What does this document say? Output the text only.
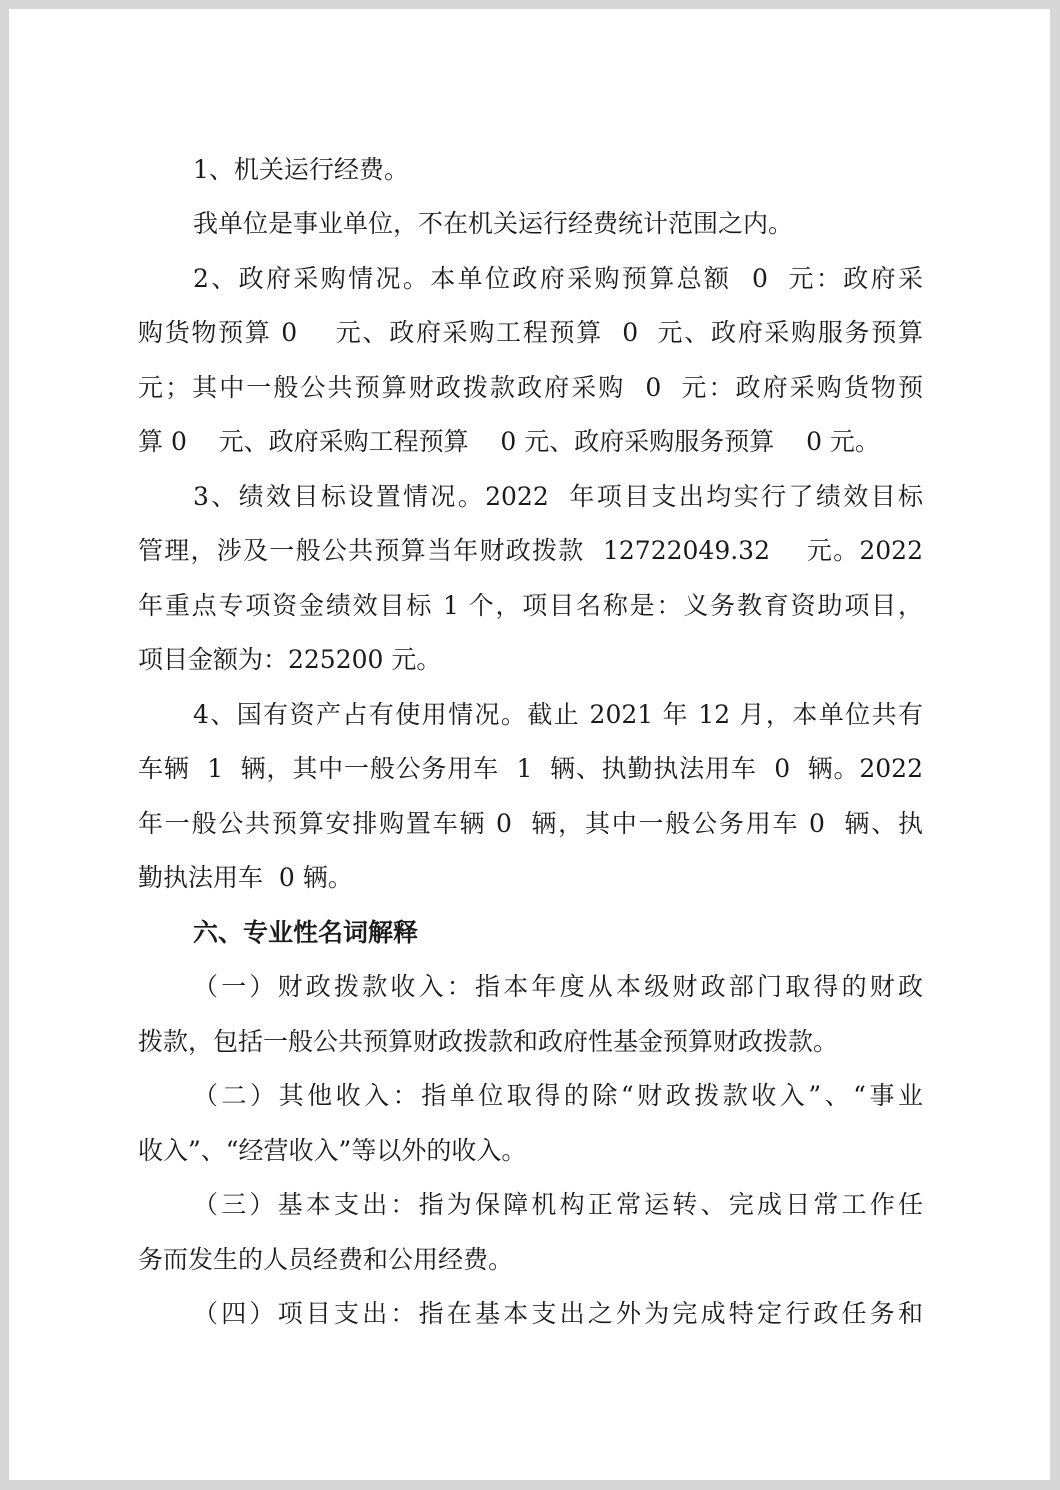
1、机关运行经费。
我单位是事业单位，不在机关运行经费统计范围之内。
2、政府采购情况。本单位政府采购预算总额  0  元：政府采
购货物预算 0    元、政府采购工程预算  0  元、政府采购服务预算
元；其中一般公共预算财政拨款政府采购  0  元：政府采购货物预
算 0    元、政府采购工程预算    0 元、政府采购服务预算    0 元。
3、绩效目标设置情况。2022  年项目支出均实行了绩效目标
管理，涉及一般公共预算当年财政拨款  12722049.32    元。2022
年重点专项资金绩效目标 1 个，项目名称是：义务教育资助项目，
项目金额为：225200 元。
4、国有资产占有使用情况。截止 2021 年 12 月，本单位共有
车辆  1  辆，其中一般公务用车  1  辆、执勤执法用车  0  辆。2022
年一般公共预算安排购置车辆 0  辆，其中一般公务用车 0  辆、执
勤执法用车  0 辆。
六、专业性名词解释
（一）财政拨款收入：指本年度从本级财政部门取得的财政
拨款，包括一般公共预算财政拨款和政府性基金预算财政拨款。
（二）其他收入：指单位取得的除“财政拨款收入”、“事业
收入”、“经营收入”等以外的收入。
（三）基本支出：指为保障机构正常运转、完成日常工作任
务而发生的人员经费和公用经费。
（四）项目支出：指在基本支出之外为完成特定行政任务和
